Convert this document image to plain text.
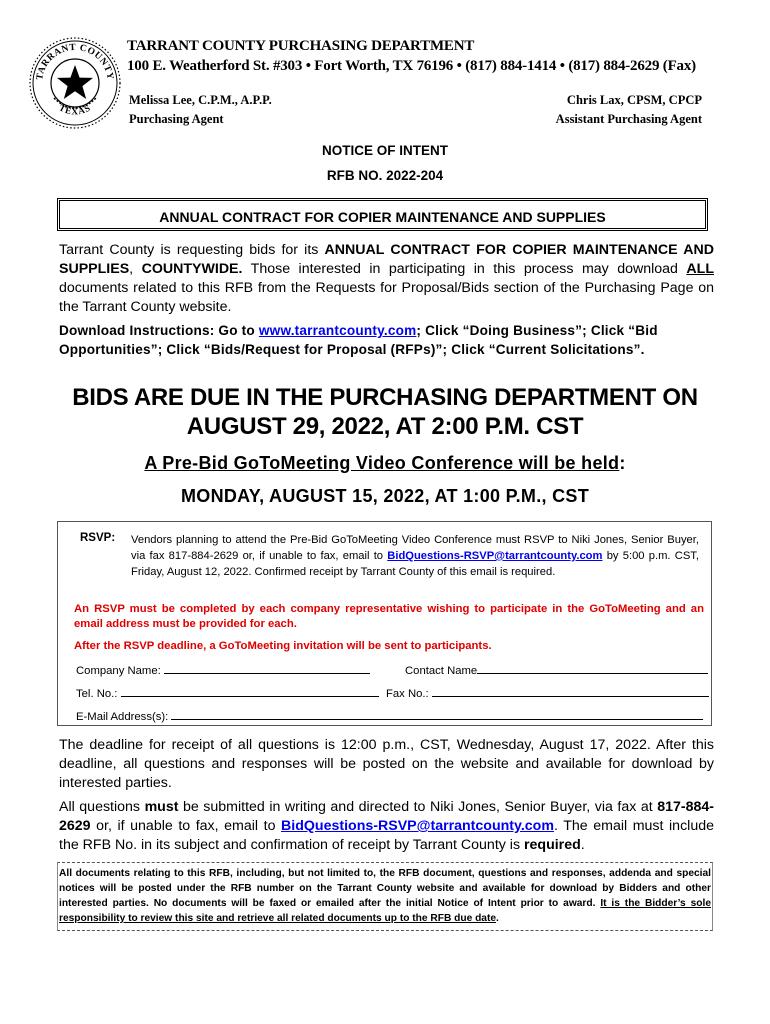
TARRANT COUNTY
TEXAS
TARRANT COUNTY PURCHASING DEPARTMENT
100 E. Weatherford St. #303 • Fort Worth, TX 76196 • (817) 884-1414 • (817) 884-2629 (Fax)
Melissa Lee, C.P.M., A.P.P.
Purchasing Agent
Chris Lax, CPSM, CPCP
Assistant Purchasing Agent
NOTICE OF INTENT
RFB NO. 2022-204
ANNUAL CONTRACT FOR COPIER MAINTENANCE AND SUPPLIES
Tarrant County is requesting bids for its ANNUAL CONTRACT FOR COPIER MAINTENANCE AND SUPPLIES, COUNTYWIDE. Those interested in participating in this process may download ALL documents related to this RFB from the Requests for Proposal/Bids section of the Purchasing Page on the Tarrant County website.
Download Instructions: Go to www.tarrantcounty.com; Click “Doing Business”; Click “Bid Opportunities”; Click “Bids/Request for Proposal (RFPs)”; Click “Current Solicitations”.
BIDS ARE DUE IN THE PURCHASING DEPARTMENT ON
AUGUST 29, 2022, AT 2:00 P.M. CST
A Pre-Bid GoToMeeting Video Conference will be held:
MONDAY, AUGUST 15, 2022, AT 1:00 P.M., CST
RSVP: Vendors planning to attend the Pre-Bid GoToMeeting Video Conference must RSVP to Niki Jones, Senior Buyer, via fax 817-884-2629 or, if unable to fax, email to BidQuestions-RSVP@tarrantcounty.com by 5:00 p.m. CST, Friday, August 12, 2022. Confirmed receipt by Tarrant County of this email is required.
An RSVP must be completed by each company representative wishing to participate in the GoToMeeting and an email address must be provided for each.
After the RSVP deadline, a GoToMeeting invitation will be sent to participants.
Company Name:	Contact Name
Tel. No.:	Fax No.:
E-Mail Address(s):
The deadline for receipt of all questions is 12:00 p.m., CST, Wednesday, August 17, 2022. After this deadline, all questions and responses will be posted on the website and available for download by interested parties.
All questions must be submitted in writing and directed to Niki Jones, Senior Buyer, via fax at 817-884-2629 or, if unable to fax, email to BidQuestions-RSVP@tarrantcounty.com. The email must include the RFB No. in its subject and confirmation of receipt by Tarrant County is required.
All documents relating to this RFB, including, but not limited to, the RFB document, questions and responses, addenda and special notices will be posted under the RFB number on the Tarrant County website and available for download by Bidders and other interested parties. No documents will be faxed or emailed after the initial Notice of Intent prior to award. It is the Bidder’s sole responsibility to review this site and retrieve all related documents up to the RFB due date.
